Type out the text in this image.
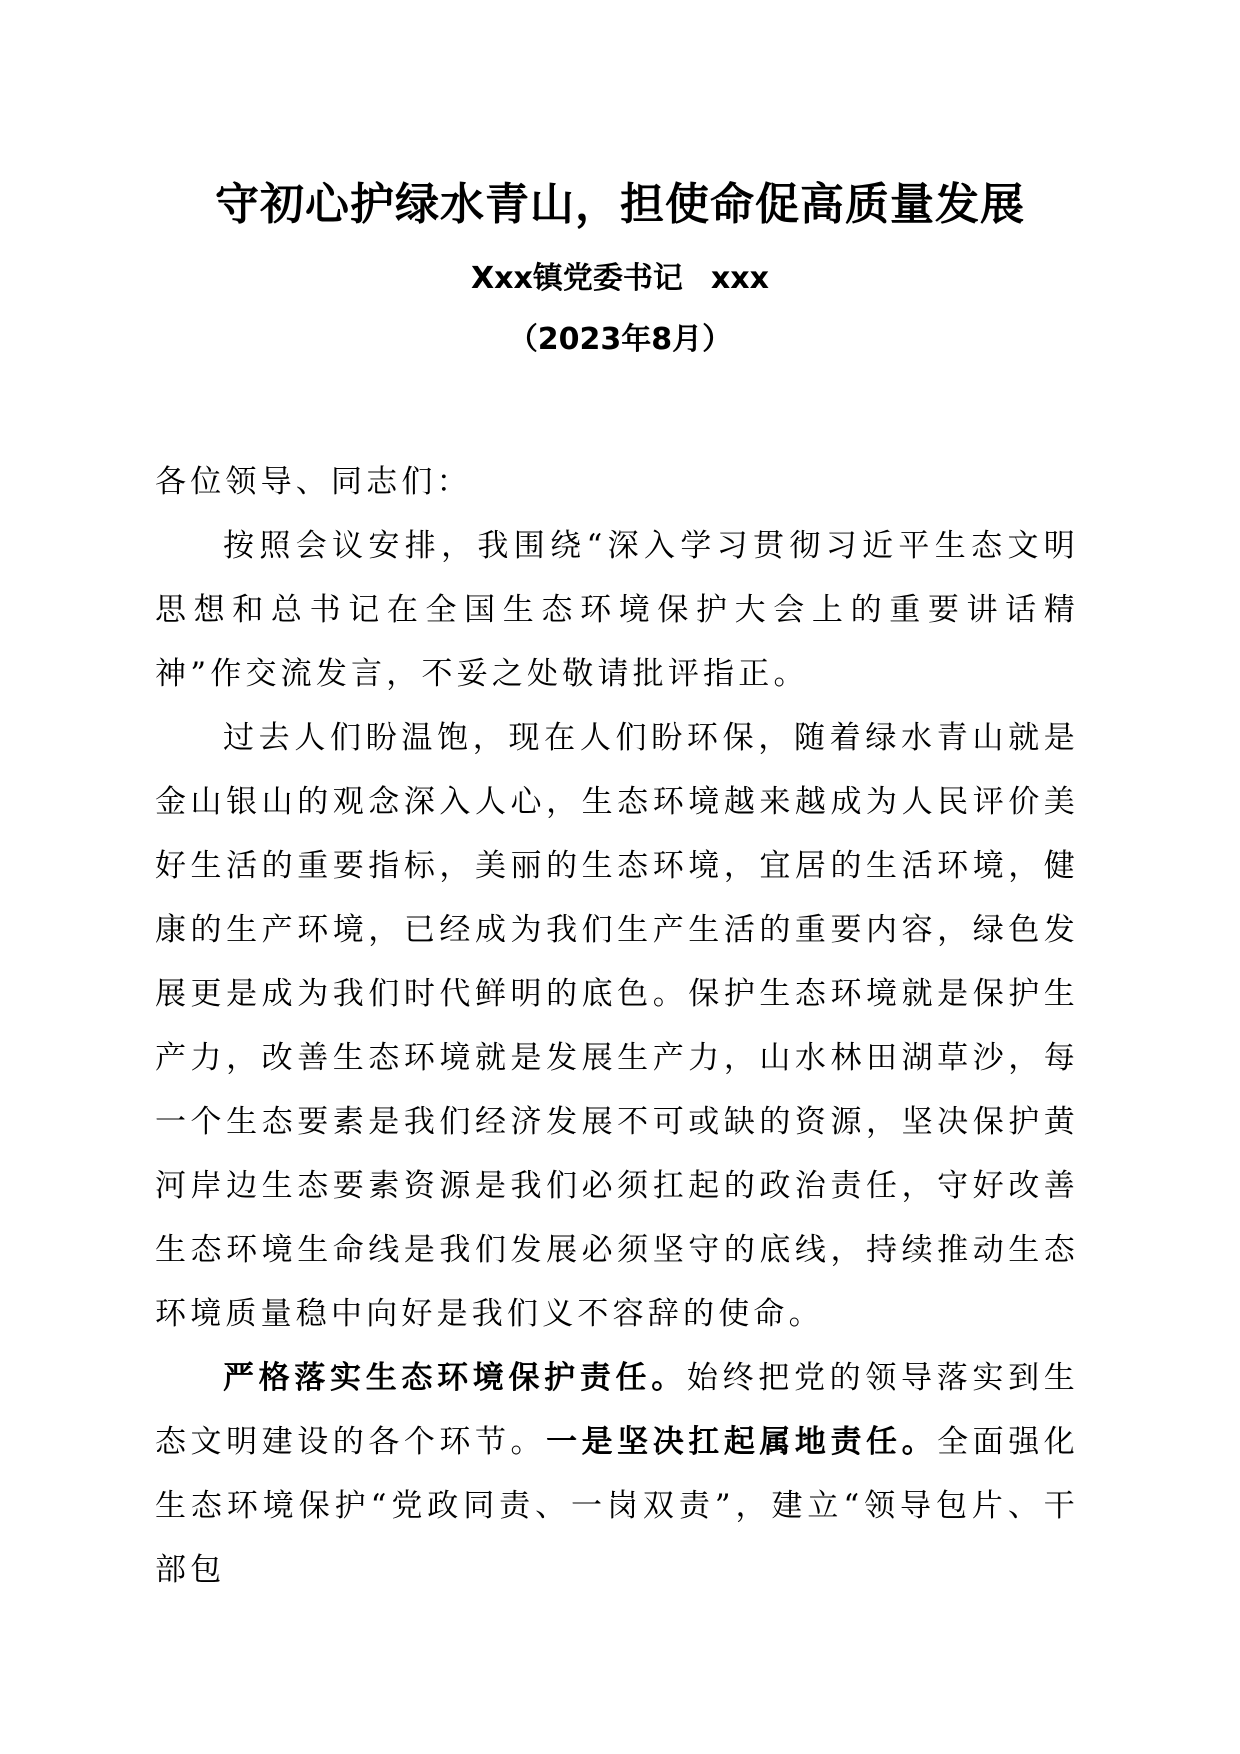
守初心护绿水青山，担使命促高质量发展
Xxx镇党委书记 xxx
（2023年8月）

各位领导、同志们：

按照会议安排，我围绕“深入学习贯彻习近平生态文明思想和总书记在全国生态环境保护大会上的重要讲话精神”作交流发言，不妥之处敬请批评指正。

过去人们盼温饱，现在人们盼环保，随着绿水青山就是金山银山的观念深入人心，生态环境越来越成为人民评价美好生活的重要指标，美丽的生态环境，宜居的生活环境，健康的生产环境，已经成为我们生产生活的重要内容，绿色发展更是成为我们时代鲜明的底色。保护生态环境就是保护生产力，改善生态环境就是发展生产力，山水林田湖草沙，每一个生态要素是我们经济发展不可或缺的资源，坚决保护黄河岸边生态要素资源是我们必须扛起的政治责任，守好改善生态环境生命线是我们发展必须坚守的底线，持续推动生态环境质量稳中向好是我们义不容辞的使命。

严格落实生态环境保护责任。始终把党的领导落实到生态文明建设的各个环节。一是坚决扛起属地责任。全面强化生态环境保护“党政同责、一岗双责”，建立“领导包片、干部包
